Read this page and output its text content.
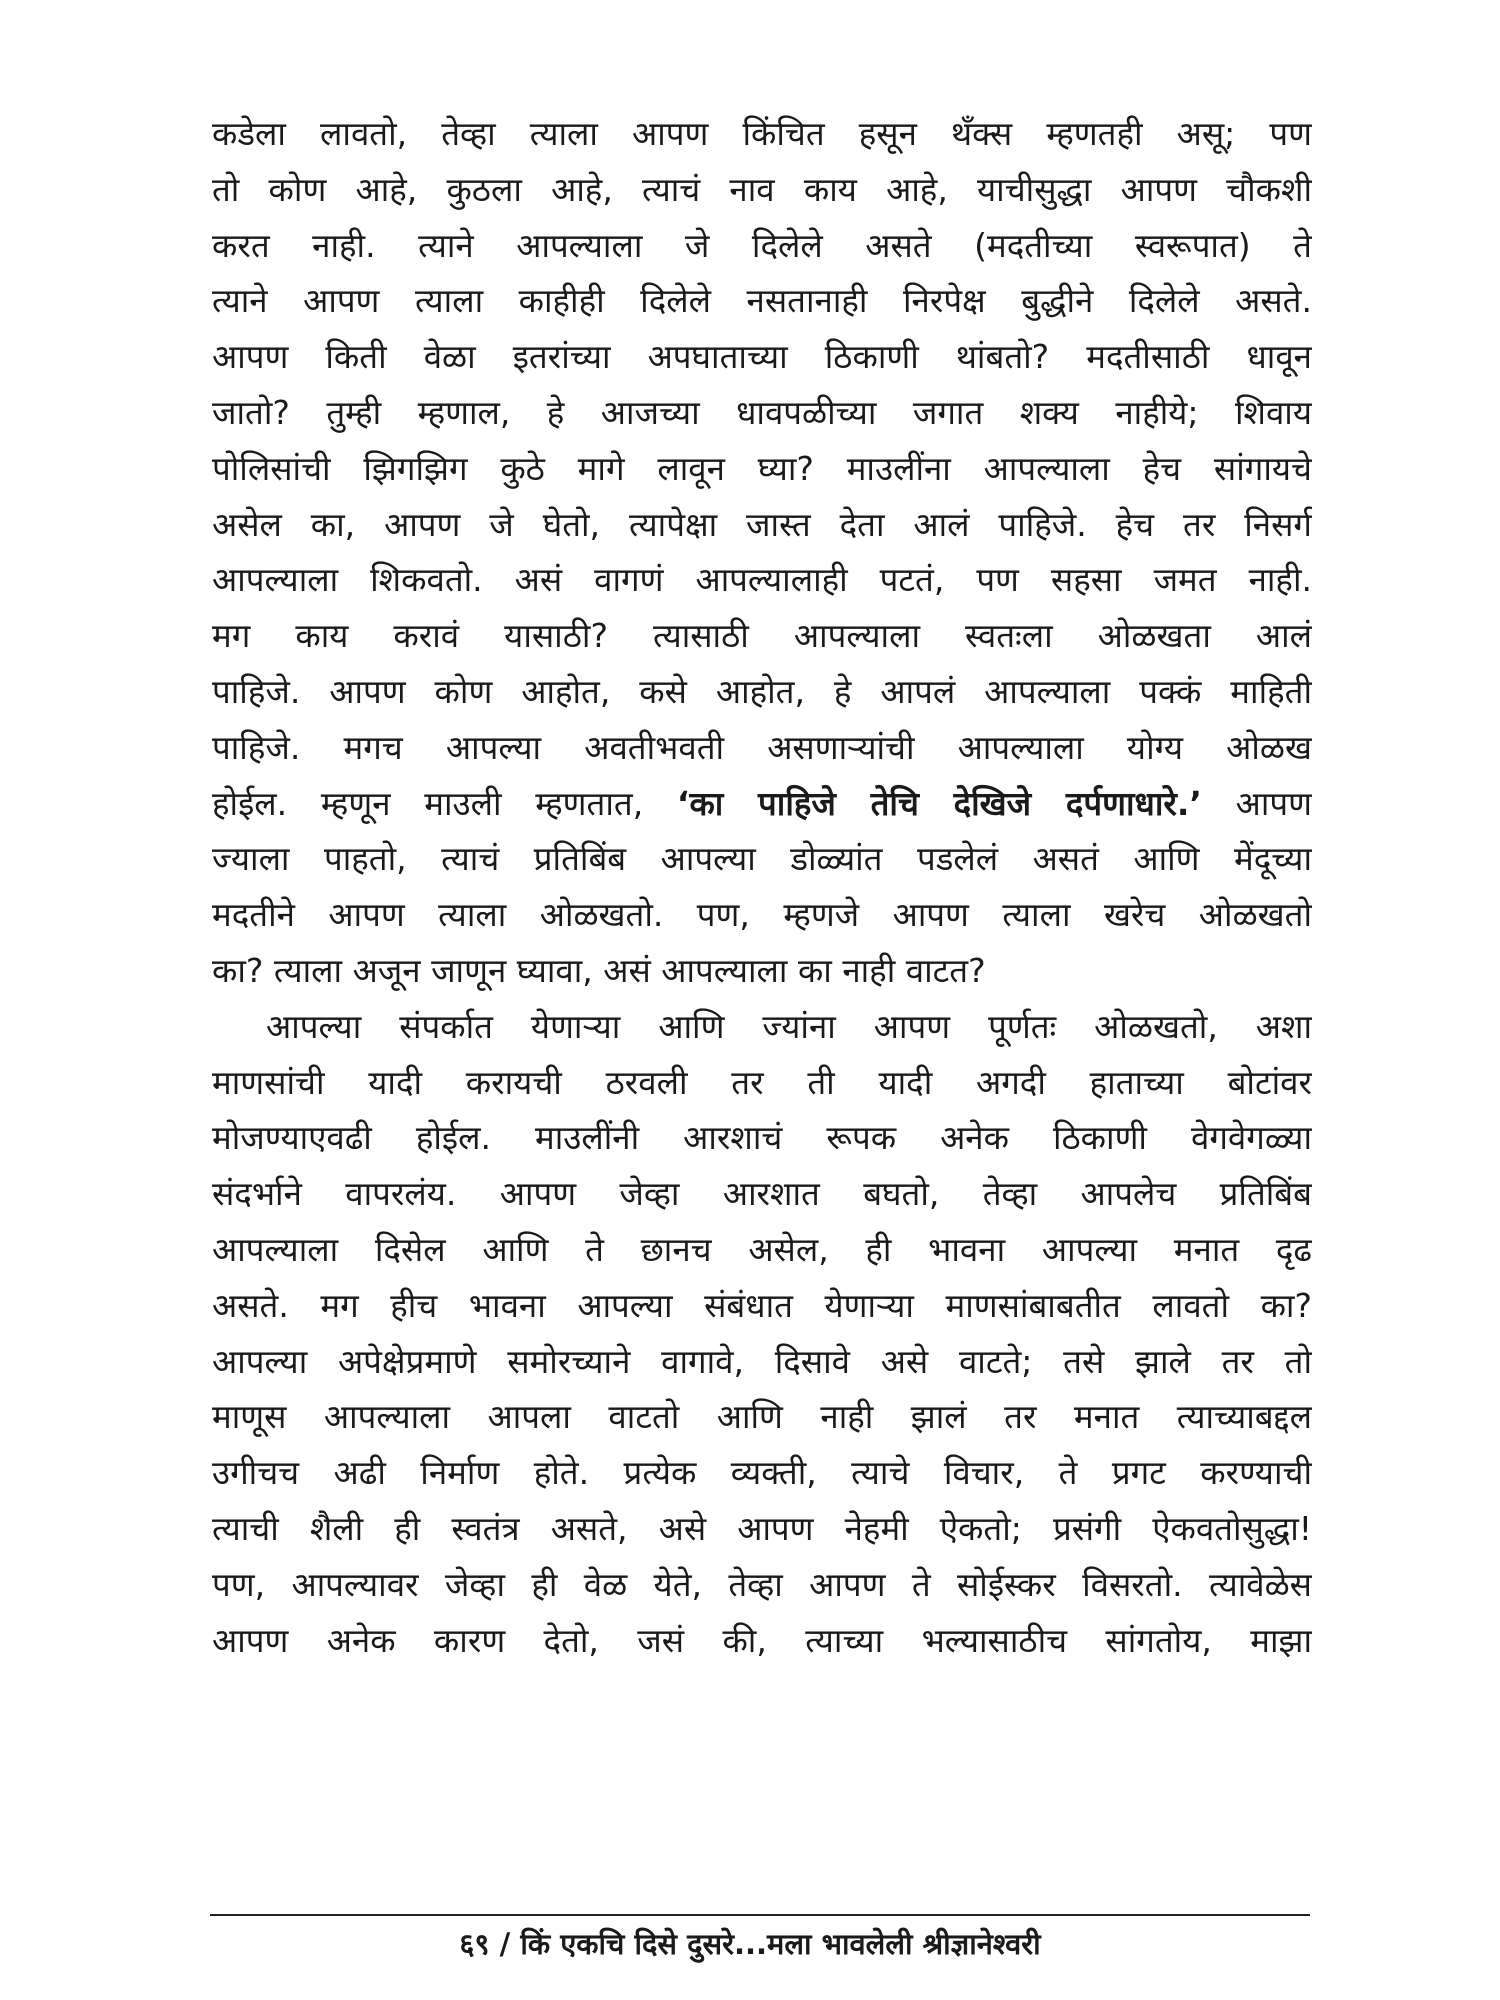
कडेला लावतो, तेव्हा त्याला आपण किंचित हसून थँक्स म्हणतही असू; पण
तो कोण आहे, कुठला आहे, त्याचं नाव काय आहे, याचीसुद्धा आपण चौकशी
करत नाही. त्याने आपल्याला जे दिलेले असते (मदतीच्या स्वरूपात) ते
त्याने आपण त्याला काहीही दिलेले नसतानाही निरपेक्ष बुद्धीने दिलेले असते.
आपण किती वेळा इतरांच्या अपघाताच्या ठिकाणी थांबतो? मदतीसाठी धावून
जातो? तुम्ही म्हणाल, हे आजच्या धावपळीच्या जगात शक्य नाहीये; शिवाय
पोलिसांची झिगझिग कुठे मागे लावून घ्या? माउलींना आपल्याला हेच सांगायचे
असेल का, आपण जे घेतो, त्यापेक्षा जास्त देता आलं पाहिजे. हेच तर निसर्ग
आपल्याला शिकवतो. असं वागणं आपल्यालाही पटतं, पण सहसा जमत नाही.
मग काय करावं यासाठी? त्यासाठी आपल्याला स्वतःला ओळखता आलं
पाहिजे. आपण कोण आहोत, कसे आहोत, हे आपलं आपल्याला पक्कं माहिती
पाहिजे. मगच आपल्या अवतीभवती असणाऱ्यांची आपल्याला योग्य ओळख
होईल. म्हणून माउली म्हणतात, ‘का पाहिजे तेचि देखिजे दर्पणाधारे.’ आपण
ज्याला पाहतो, त्याचं प्रतिबिंब आपल्या डोळ्यांत पडलेलं असतं आणि मेंदूच्या
मदतीने आपण त्याला ओळखतो. पण, म्हणजे आपण त्याला खरेच ओळखतो
का? त्याला अजून जाणून घ्यावा, असं आपल्याला का नाही वाटत?
आपल्या संपर्कात येणाऱ्या आणि ज्यांना आपण पूर्णतः ओळखतो, अशा
माणसांची यादी करायची ठरवली तर ती यादी अगदी हाताच्या बोटांवर
मोजण्याएवढी होईल. माउलींनी आरशाचं रूपक अनेक ठिकाणी वेगवेगळ्या
संदर्भाने वापरलंय. आपण जेव्हा आरशात बघतो, तेव्हा आपलेच प्रतिबिंब
आपल्याला दिसेल आणि ते छानच असेल, ही भावना आपल्या मनात दृढ
असते. मग हीच भावना आपल्या संबंधात येणाऱ्या माणसांबाबतीत लावतो का?
आपल्या अपेक्षेप्रमाणे समोरच्याने वागावे, दिसावे असे वाटते; तसे झाले तर तो
माणूस आपल्याला आपला वाटतो आणि नाही झालं तर मनात त्याच्याबद्दल
उगीचच अढी निर्माण होते. प्रत्येक व्यक्ती, त्याचे विचार, ते प्रगट करण्याची
त्याची शैली ही स्वतंत्र असते, असे आपण नेहमी ऐकतो; प्रसंगी ऐकवतोसुद्धा!
पण, आपल्यावर जेव्हा ही वेळ येते, तेव्हा आपण ते सोईस्कर विसरतो. त्यावेळेस
आपण अनेक कारण देतो, जसं की, त्याच्या भल्यासाठीच सांगतोय, माझा
६९ / किं एकचि दिसे दुसरे...मला भावलेली श्रीज्ञानेश्वरी
